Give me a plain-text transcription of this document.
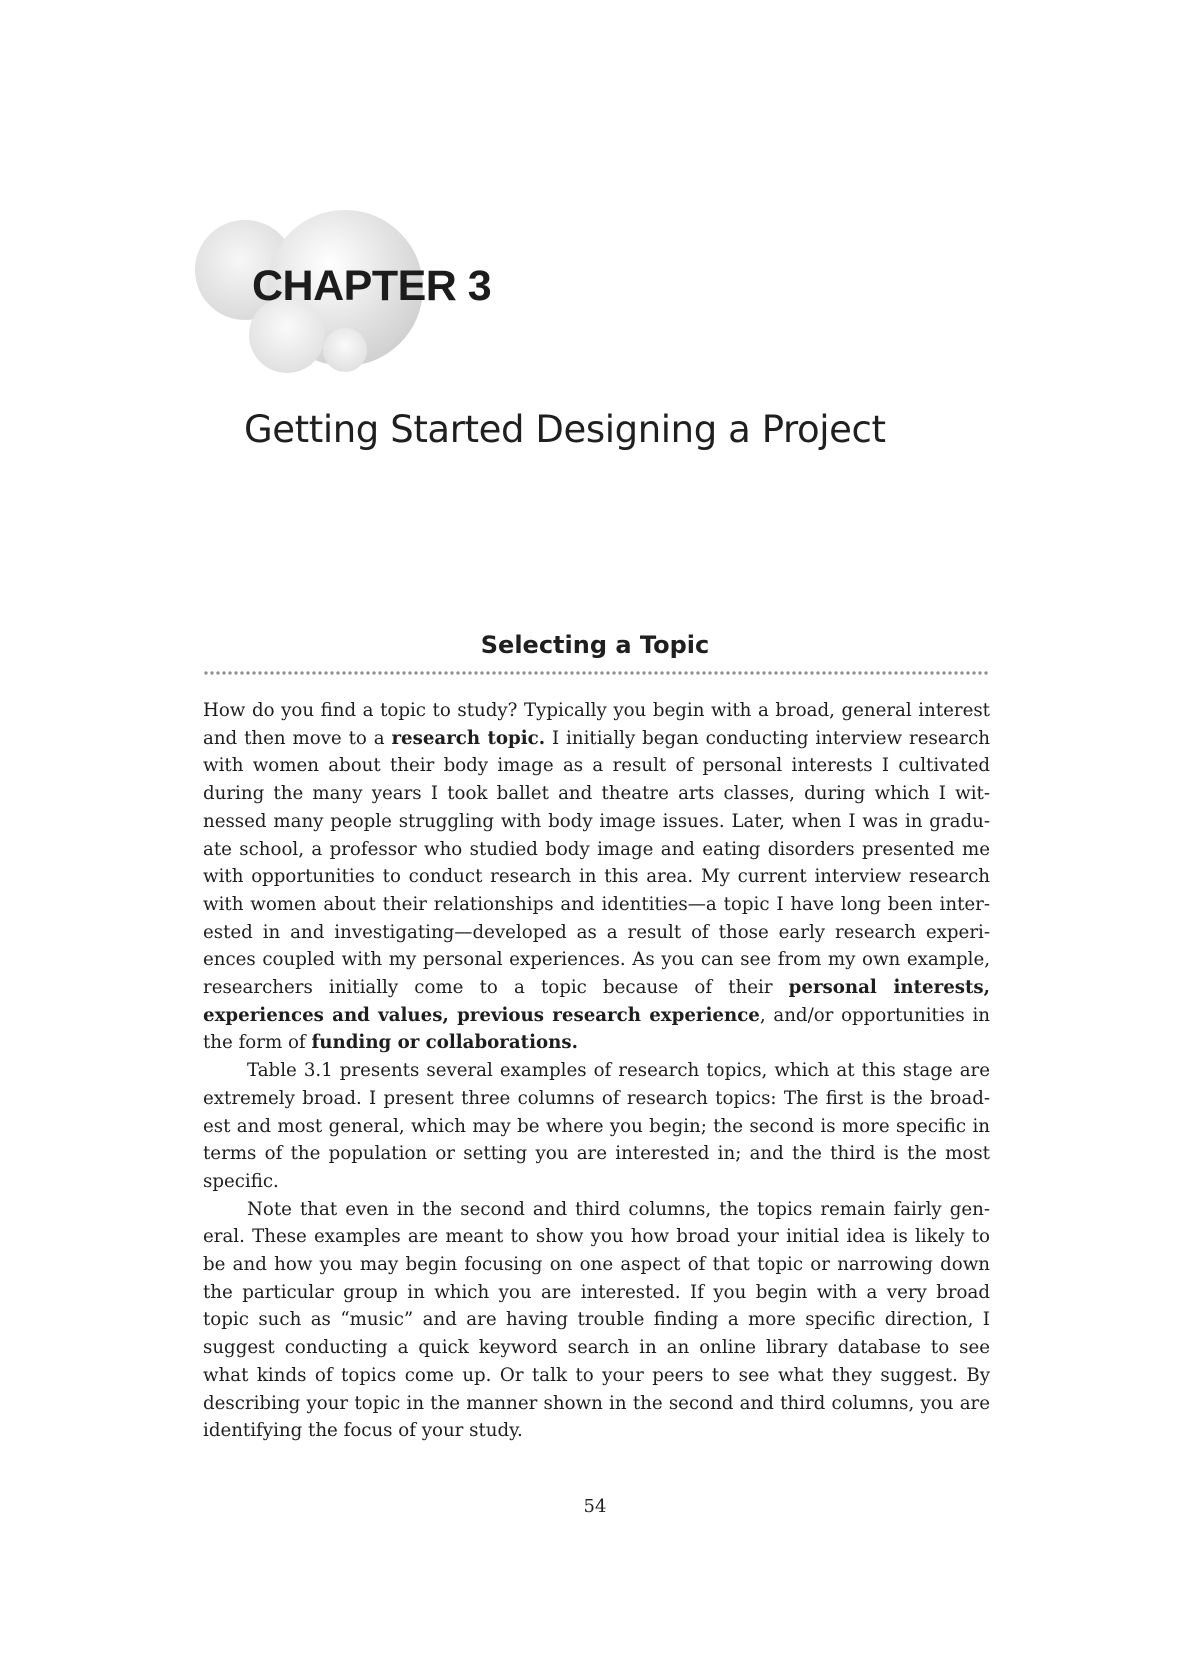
CHAPTER 3
Getting Started Designing a Project
Selecting a Topic

How do you find a topic to study? Typically you begin with a broad, general interest and then move to a research topic. I initially began conducting interview research with women about their body image as a result of personal interests I cultivated during the many years I took ballet and theatre arts classes, during which I witnessed many people struggling with body image issues. Later, when I was in graduate school, a professor who studied body image and eating disorders presented me with opportunities to conduct research in this area. My current interview research with women about their relationships and identities—a topic I have long been interested in and investigating—developed as a result of those early research experiences coupled with my personal experiences. As you can see from my own example, researchers initially come to a topic because of their personal interests, experiences and values, previous research experience, and/or opportunities in the form of funding or collaborations.

Table 3.1 presents several examples of research topics, which at this stage are extremely broad. I present three columns of research topics: The first is the broadest and most general, which may be where you begin; the second is more specific in terms of the population or setting you are interested in; and the third is the most specific.

Note that even in the second and third columns, the topics remain fairly general. These examples are meant to show you how broad your initial idea is likely to be and how you may begin focusing on one aspect of that topic or narrowing down the particular group in which you are interested. If you begin with a very broad topic such as “music” and are having trouble finding a more specific direction, I suggest conducting a quick keyword search in an online library database to see what kinds of topics come up. Or talk to your peers to see what they suggest. By describing your topic in the manner shown in the second and third columns, you are identifying the focus of your study.

54
